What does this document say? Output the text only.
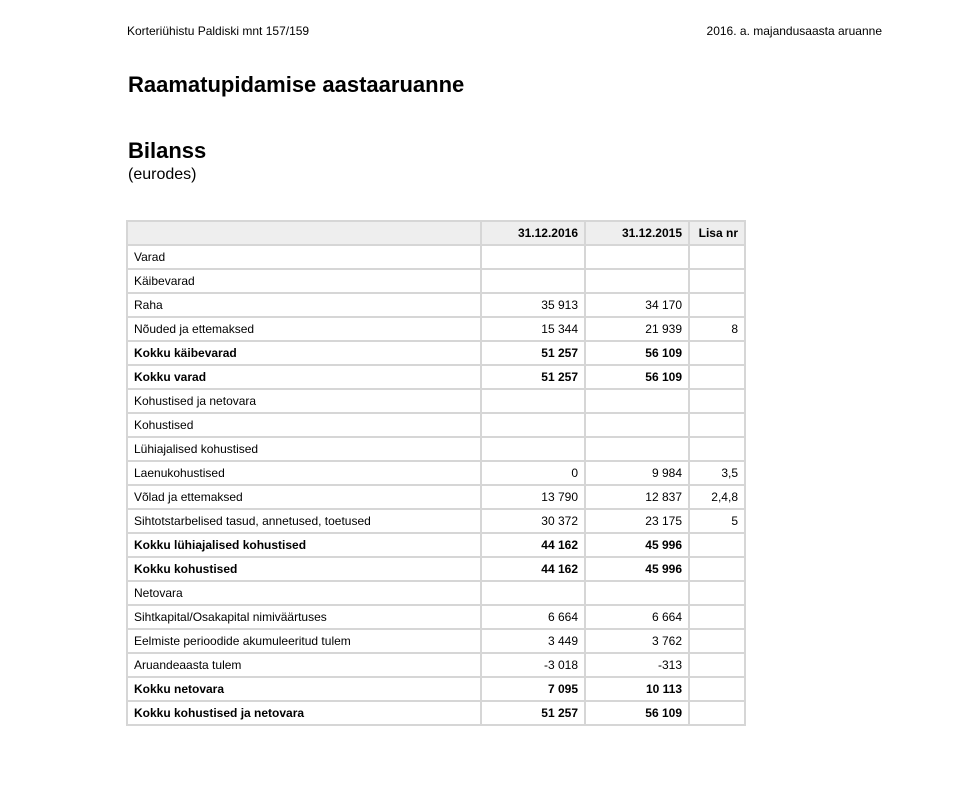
Korteriühistu Paldiski mnt 157/159	2016. a. majandusaasta aruanne
Raamatupidamise aastaaruanne
Bilanss
(eurodes)
	31.12.2016	31.12.2015	Lisa nr
Varad			
Käibevarad			
Raha	35 913	34 170	
Nõuded ja ettemaksed	15 344	21 939	8
Kokku käibevarad	51 257	56 109	
Kokku varad	51 257	56 109	
Kohustised ja netovara			
Kohustised			
Lühiajalised kohustised			
Laenukohustised	0	9 984	3,5
Võlad ja ettemaksed	13 790	12 837	2,4,8
Sihtotstarbelised tasud, annetused, toetused	30 372	23 175	5
Kokku lühiajalised kohustised	44 162	45 996	
Kokku kohustised	44 162	45 996	
Netovara			
Sihtkapital/Osakapital nimiväärtuses	6 664	6 664	
Eelmiste perioodide akumuleeritud tulem	3 449	3 762	
Aruandeaasta tulem	-3 018	-313	
Kokku netovara	7 095	10 113	
Kokku kohustised ja netovara	51 257	56 109	
